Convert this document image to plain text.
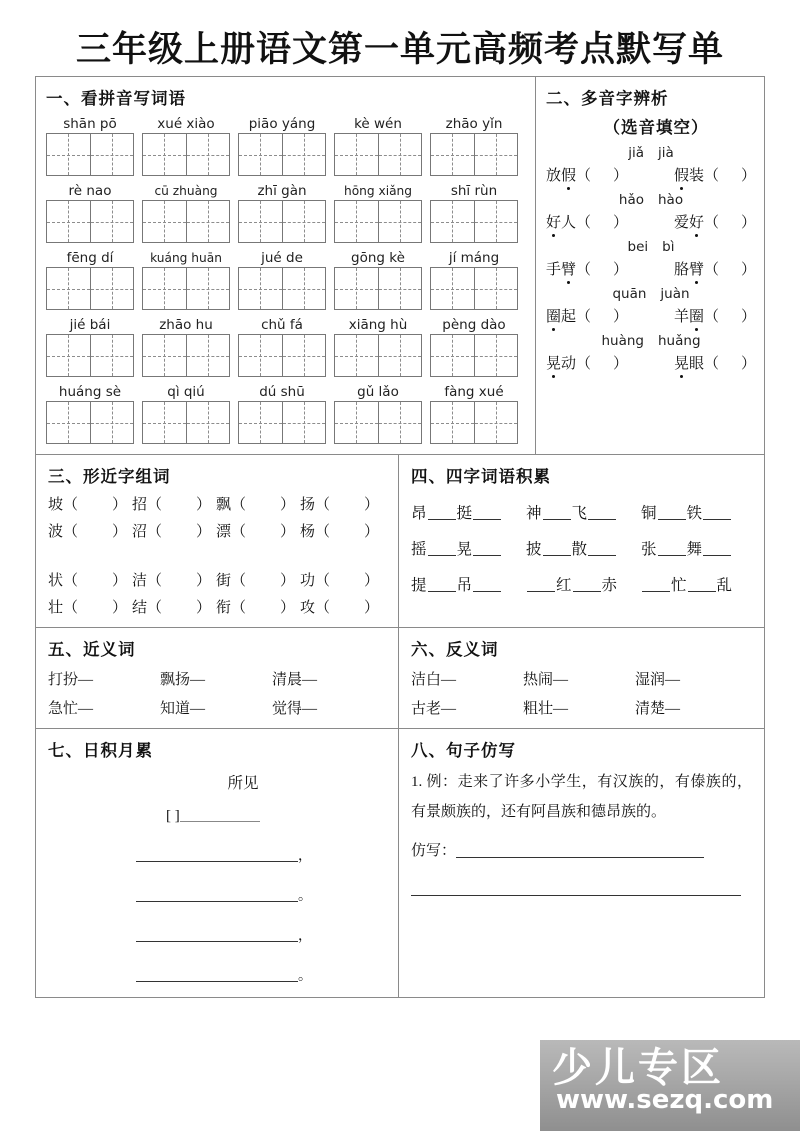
三年级上册语文第一单元高频考点默写单
一、看拼音写词语
shān pō	xué xiào	piāo yáng	kè wén	zhāo yǐn
rè nao	cū zhuàng	zhī gàn	hōng xiǎng	shī rùn
fēng dí	kuáng huān	jué de	gōng kè	jí máng
jié bái	zhāo hu	chǔ fá	xiāng hù	pèng dào
huáng sè	qì qiú	dú shū	gǔ lǎo	fàng xué
二、多音字辨析
（选音填空）
jiǎ jià
放假（ ）	假装（ ）
hǎo hào
好人（ ）	爱好（ ）
bei bì
手臂（ ）	胳臂（ ）
quān juàn
圈起（ ）	羊圈（ ）
huàng huǎng
晃动（ ）	晃眼（ ）
三、形近字组词
坡（ ） 招（ ） 飘（ ） 扬（ ）
波（ ） 沼（ ） 漂（ ） 杨（ ）
状（ ） 洁（ ） 街（ ） 功（ ）
壮（ ） 结（ ） 衔（ ） 攻（ ）
四、四字词语积累
昂 挺	神 飞	铜 铁
摇 晃	披 散	张 舞
提 吊	红 赤	忙 乱
五、近义词
打扮—	飘扬—	清晨—
急忙—	知道—	觉得—
六、反义词
洁白—	热闹—	湿润—
古老—	粗壮—	清楚—
七、日积月累
所见
[ ]
，
。
，
。
八、句子仿写
1. 例：走来了许多小学生，有汉族的，有傣族的，有景颇族的，还有阿昌族和德昂族的。
仿写：
少儿专区
www.sezq.com
